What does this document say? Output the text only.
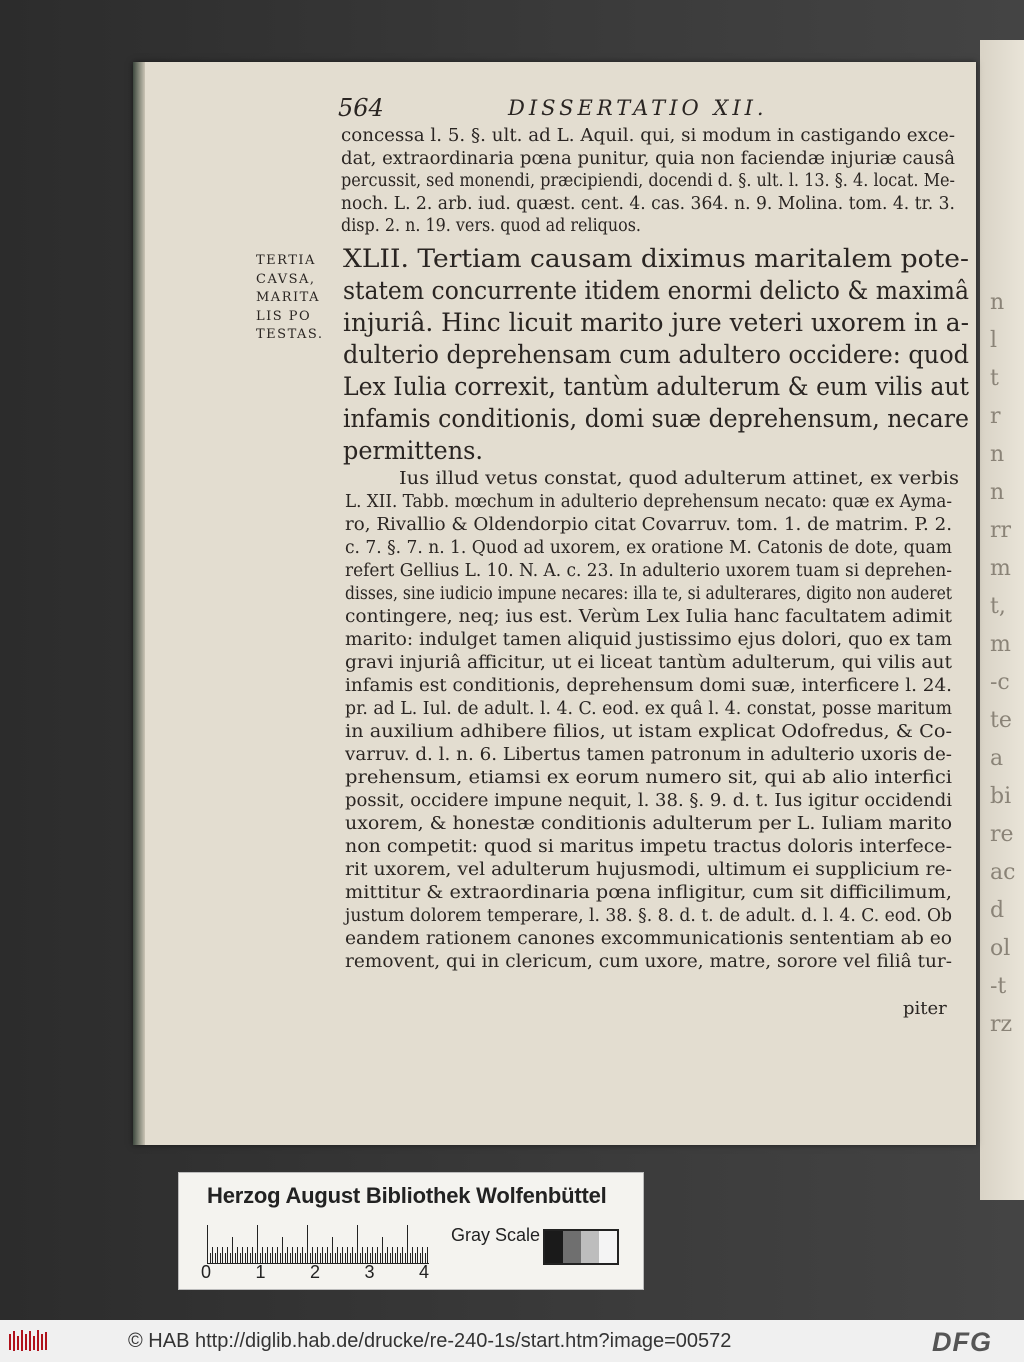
n
l
t
r
n
n
rr
m
t,
m
-c
te
a
bi
re
ac
d
ol
-t
rz
564	DISSERTATIO XII.
concessa l. 5. §. ult. ad L. Aquil. qui, si modum in castigando exce-
dat, extraordinaria pœna punitur, quia non faciendæ injuriæ causâ
percussit, sed monendi, præcipiendi, docendi d. §. ult. l. 13. §. 4. locat. Me-
noch. L. 2. arb. iud. quæst. cent. 4. cas. 364. n. 9. Molina. tom. 4. tr. 3.
disp. 2. n. 19. vers. quod ad reliquos.
TERTIA
CAVSA,
MARITA
LIS PO
TESTAS.
XLII. Tertiam causam diximus maritalem pote-
statem concurrente itidem enormi delicto & maximâ
injuriâ. Hinc licuit marito jure veteri uxorem in a-
dulterio deprehensam cum adultero occidere: quod
Lex Iulia correxit, tantùm adulterum & eum vilis aut
infamis conditionis, domi suæ deprehensum, necare
permittens.
Ius illud vetus constat, quod adulterum attinet, ex verbis
L. XII. Tabb. mœchum in adulterio deprehensum necato: quæ ex Ayma-
ro, Rivallio & Oldendorpio citat Covarruv. tom. 1. de matrim. P. 2.
c. 7. §. 7. n. 1. Quod ad uxorem, ex oratione M. Catonis de dote, quam
refert Gellius L. 10. N. A. c. 23. In adulterio uxorem tuam si deprehen-
disses, sine iudicio impune necares: illa te, si adulterares, digito non auderet
contingere, neq; ius est. Verùm Lex Iulia hanc facultatem adimit
marito: indulget tamen aliquid justissimo ejus dolori, quo ex tam
gravi injuriâ afficitur, ut ei liceat tantùm adulterum, qui vilis aut
infamis est conditionis, deprehensum domi suæ, interficere l. 24.
pr. ad L. Iul. de adult. l. 4. C. eod. ex quâ l. 4. constat, posse maritum
in auxilium adhibere filios, ut istam explicat Odofredus, & Co-
varruv. d. l. n. 6. Libertus tamen patronum in adulterio uxoris de-
prehensum, etiamsi ex eorum numero sit, qui ab alio interfici
possit, occidere impune nequit, l. 38. §. 9. d. t. Ius igitur occidendi
uxorem, & honestæ conditionis adulterum per L. Iuliam marito
non competit: quod si maritus impetu tractus doloris interfece-
rit uxorem, vel adulterum hujusmodi, ultimum ei supplicium re-
mittitur & extraordinaria pœna infligitur, cum sit difficilimum,
justum dolorem temperare, l. 38. §. 8. d. t. de adult. d. l. 4. C. eod. Ob
eandem rationem canones excommunicationis sententiam ab eo
removent, qui in clericum, cum uxore, matre, sorore vel filiâ tur-
piter
Herzog August Bibliothek Wolfenbüttel
0 1 2 3 4
Gray Scale
© HAB http://diglib.hab.de/drucke/re-240-1s/start.htm?image=00572	DFG
